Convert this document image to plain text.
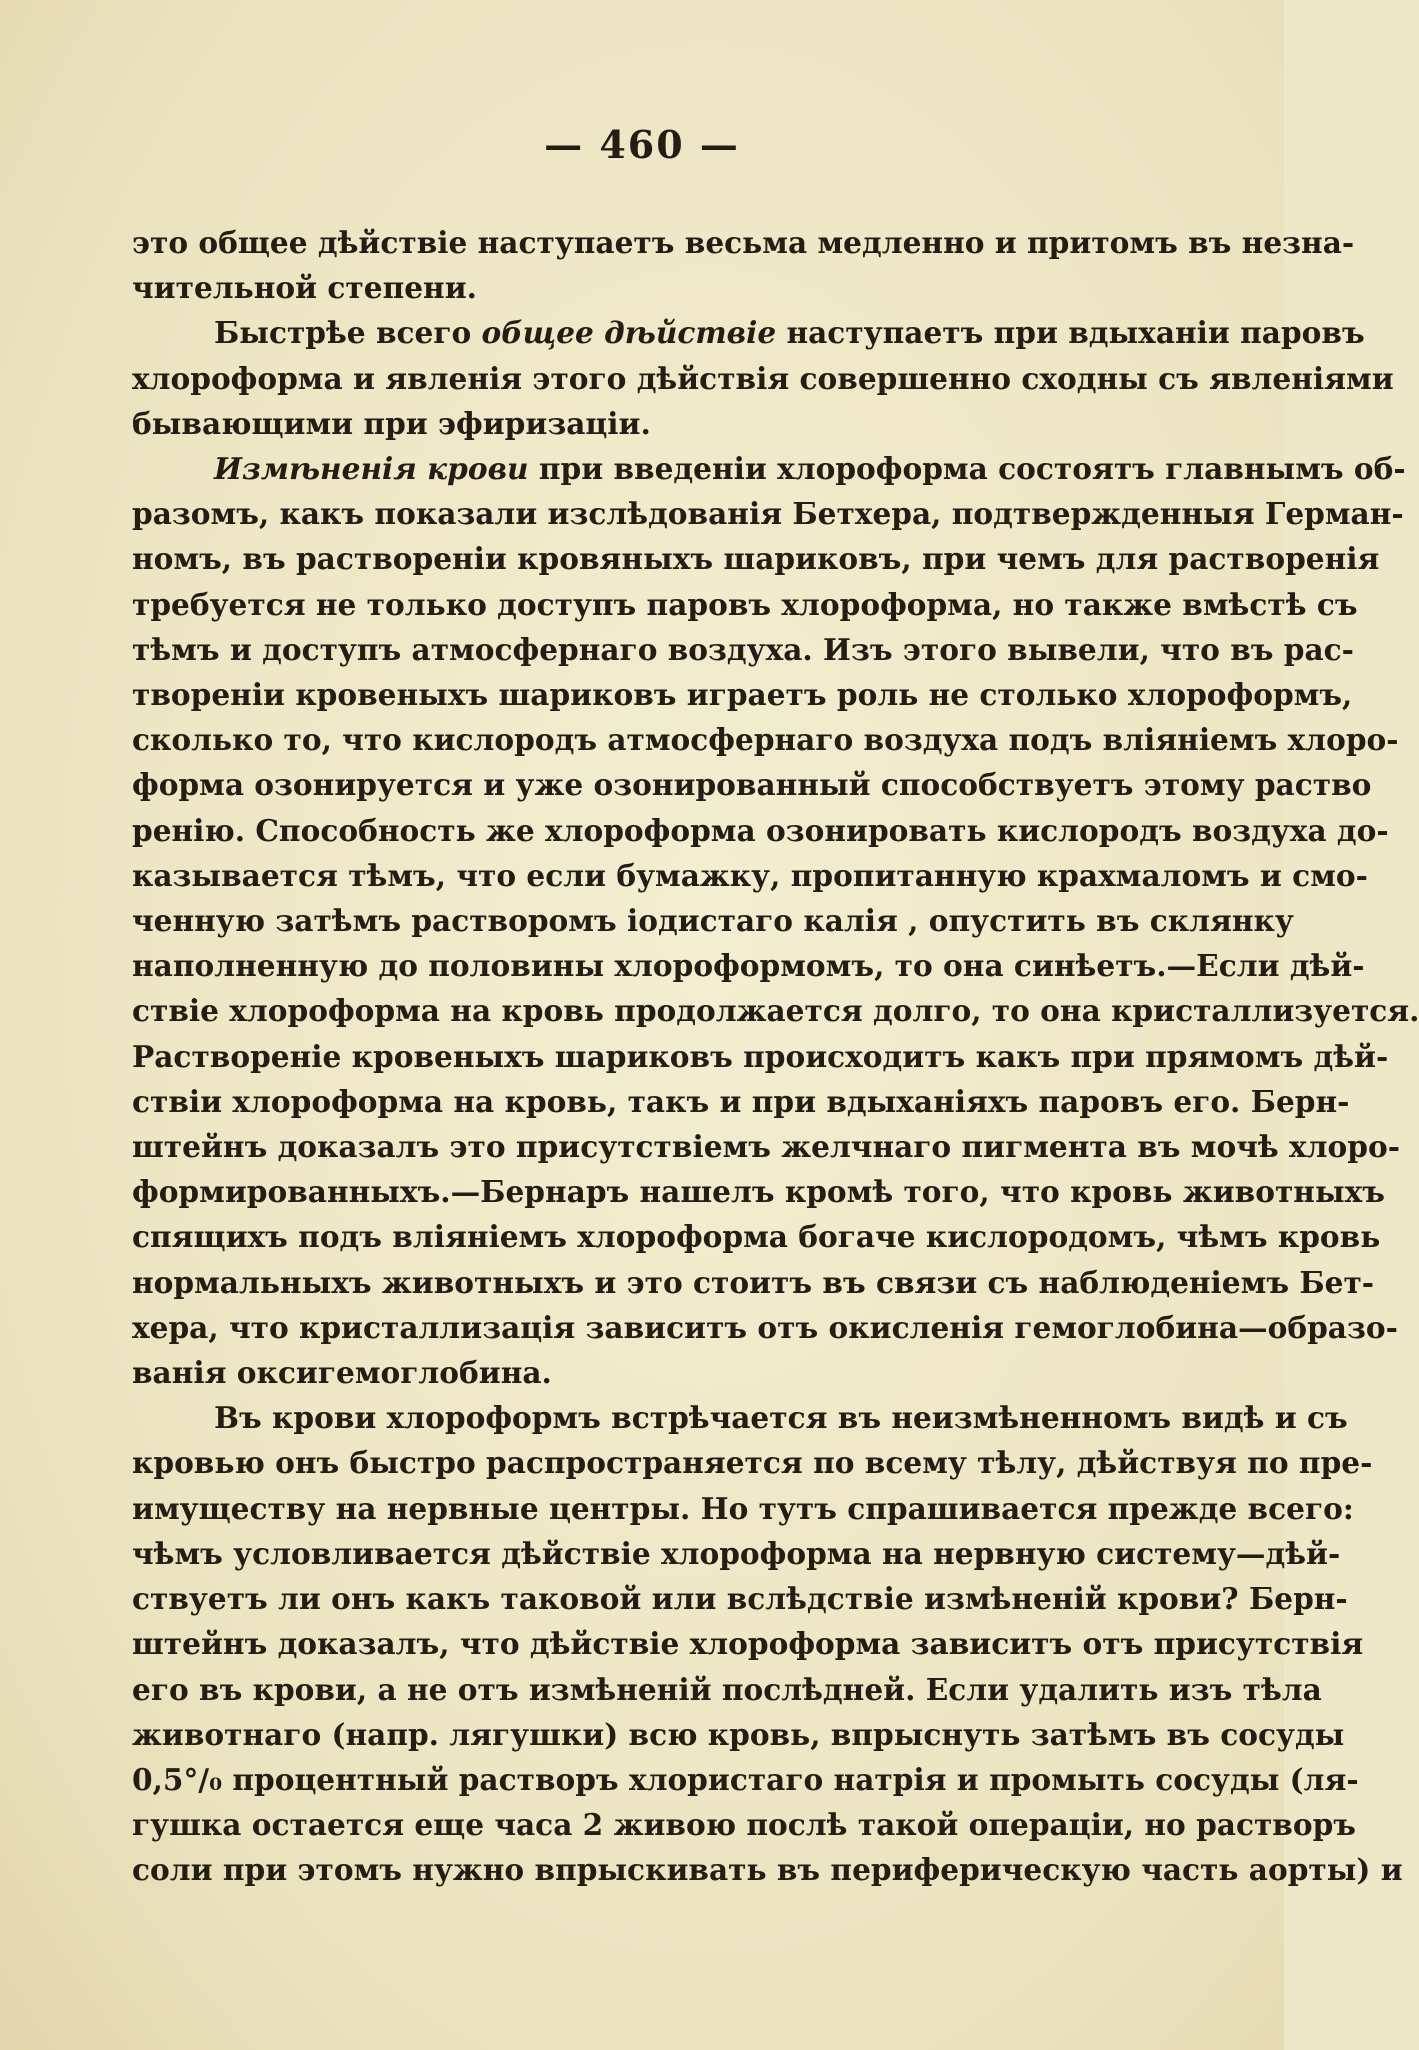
— 460 —
это общее дѣйствіе наступаетъ весьма медленно и притомъ въ незна-
чительной степени.
Быстрѣе всего общее дѣйствіе наступаетъ при вдыханіи паровъ
хлороформа и явленія этого дѣйствія совершенно сходны съ явленіями
бывающими при эфиризаціи.
Измѣненія крови при введеніи хлороформа состоятъ главнымъ об-
разомъ, какъ показали изслѣдованія Бетхера, подтвержденныя Герман-
номъ, въ раствореніи кровяныхъ шариковъ, при чемъ для растворенія
требуется не только доступъ паровъ хлороформа, но также вмѣстѣ съ
тѣмъ и доступъ атмосфернаго воздуха. Изъ этого вывели, что въ рас-
твореніи кровеныхъ шариковъ играетъ роль не столько хлороформъ,
сколько то, что кислородъ атмосфернаго воздуха подъ вліяніемъ хлоро-
форма озонируется и уже озонированный способствуетъ этому раство
ренію. Способность же хлороформа озонировать кислородъ воздуха до-
казывается тѣмъ, что если бумажку, пропитанную крахмаломъ и смо-
ченную затѣмъ растворомъ іодистаго калія , опустить въ склянку
наполненную до половины хлороформомъ, то она синѣетъ.—Если дѣй-
ствіе хлороформа на кровь продолжается долго, то она кристаллизуется.
Раствореніе кровеныхъ шариковъ происходитъ какъ при прямомъ дѣй-
ствіи хлороформа на кровь, такъ и при вдыханіяхъ паровъ его. Берн-
штейнъ доказалъ это присутствіемъ желчнаго пигмента въ мочѣ хлоро-
формированныхъ.—Бернаръ нашелъ кромѣ того, что кровь животныхъ
спящихъ подъ вліяніемъ хлороформа богаче кислородомъ, чѣмъ кровь
нормальныхъ животныхъ и это стоитъ въ связи съ наблюденіемъ Бет-
хера, что кристаллизація зависитъ отъ окисленія гемоглобина—образо-
ванія оксигемоглобина.
Въ крови хлороформъ встрѣчается въ неизмѣненномъ видѣ и съ
кровью онъ быстро распространяется по всему тѣлу, дѣйствуя по пре-
имуществу на нервные центры. Но тутъ спрашивается прежде всего:
чѣмъ условливается дѣйствіе хлороформа на нервную систему—дѣй-
ствуетъ ли онъ какъ таковой или вслѣдствіе измѣненій крови? Берн-
штейнъ доказалъ, что дѣйствіе хлороформа зависитъ отъ присутствія
его въ крови, а не отъ измѣненій послѣдней. Если удалить изъ тѣла
животнаго (напр. лягушки) всю кровь, впрыснуть затѣмъ въ сосуды
0,5°/₀ процентный растворъ хлористаго натрія и промыть сосуды (ля-
гушка остается еще часа 2 живою послѣ такой операціи, но растворъ
соли при этомъ нужно впрыскивать въ периферическую часть аорты) и
